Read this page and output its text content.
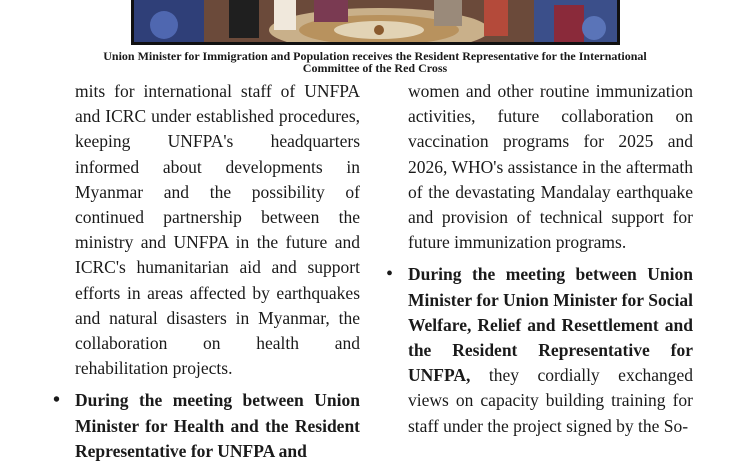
Union Minister for Immigration and Population receives the Resident Representative for the International
Committee of the Red Cross

mits for international staff of UNFPA and ICRC under established procedures, keeping UNFPA's headquarters informed about developments in Myanmar and the possibility of continued partnership between the ministry and UNFPA in the future and ICRC's humanitarian aid and support efforts in areas affected by earthquakes and natural disasters in Myanmar, the collaboration on health and rehabilitation projects.

• During the meeting between Union Minister for Health and the Resident Representative for UNFPA and

women and other routine immunization activities, future collaboration on vaccination programs for 2025 and 2026, WHO's assistance in the aftermath of the devastating Mandalay earthquake and provision of technical support for future immunization programs.

• During the meeting between Union Minister for Union Minister for Social Welfare, Relief and Resettlement and the Resident Representative for UNFPA, they cordially exchanged views on capacity building training for staff under the project signed by the So-
